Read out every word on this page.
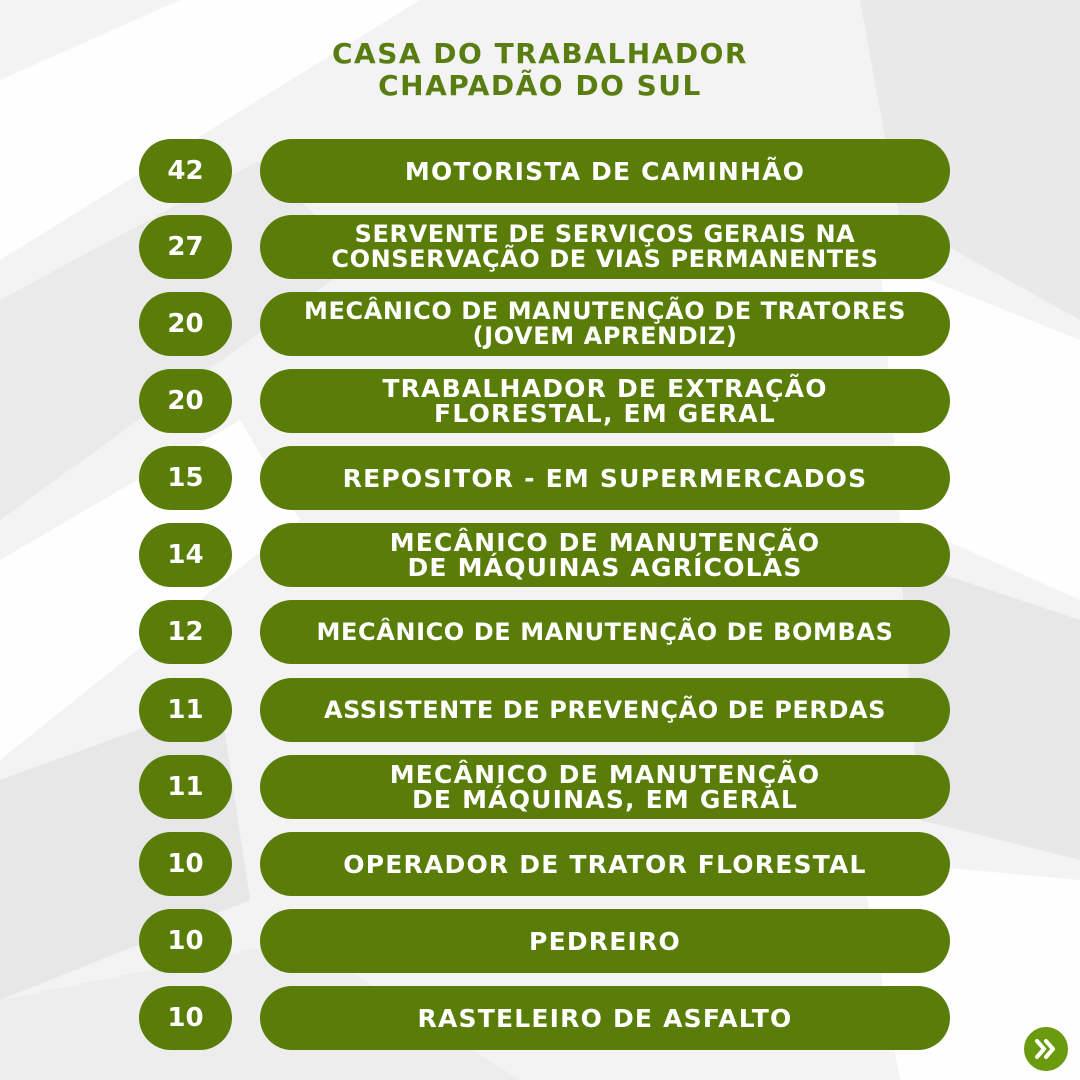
CASA DO TRABALHADOR
CHAPADÃO DO SUL
42	MOTORISTA DE CAMINHÃO
27	SERVENTE DE SERVIÇOS GERAIS NA
CONSERVAÇÃO DE VIAS PERMANENTES
20	MECÂNICO DE MANUTENÇÃO DE TRATORES
(JOVEM APRENDIZ)
20	TRABALHADOR DE EXTRAÇÃO
FLORESTAL, EM GERAL
15	REPOSITOR - EM SUPERMERCADOS
14	MECÂNICO DE MANUTENÇÃO
DE MÁQUINAS AGRÍCOLAS
12	MECÂNICO DE MANUTENÇÃO DE BOMBAS
11	ASSISTENTE DE PREVENÇÃO DE PERDAS
11	MECÂNICO DE MANUTENÇÃO
DE MÁQUINAS, EM GERAL
10	OPERADOR DE TRATOR FLORESTAL
10	PEDREIRO
10	RASTELEIRO DE ASFALTO
